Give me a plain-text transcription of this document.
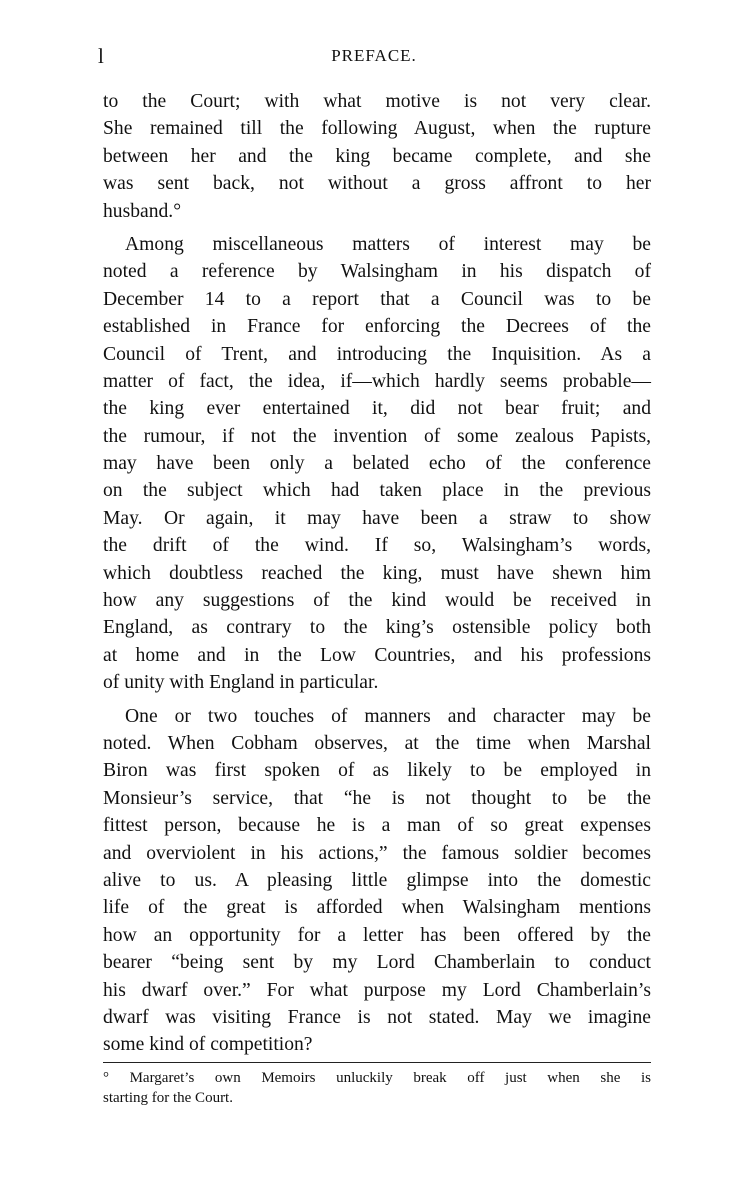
l	PREFACE.
to the Court; with what motive is not very clear.
She remained till the following August, when the rupture
between her and the king became complete, and she
was sent back, not without a gross affront to her
husband.°
Among miscellaneous matters of interest may be
noted a reference by Walsingham in his dispatch of
December 14 to a report that a Council was to be
established in France for enforcing the Decrees of the
Council of Trent, and introducing the Inquisition. As a
matter of fact, the idea, if—which hardly seems probable—
the king ever entertained it, did not bear fruit; and
the rumour, if not the invention of some zealous Papists,
may have been only a belated echo of the conference
on the subject which had taken place in the previous
May. Or again, it may have been a straw to show
the drift of the wind. If so, Walsingham’s words,
which doubtless reached the king, must have shewn him
how any suggestions of the kind would be received in
England, as contrary to the king’s ostensible policy both
at home and in the Low Countries, and his professions
of unity with England in particular.
One or two touches of manners and character may be
noted. When Cobham observes, at the time when Marshal
Biron was first spoken of as likely to be employed in
Monsieur’s service, that “he is not thought to be the
fittest person, because he is a man of so great expenses
and overviolent in his actions,” the famous soldier becomes
alive to us. A pleasing little glimpse into the domestic
life of the great is afforded when Walsingham mentions
how an opportunity for a letter has been offered by the
bearer “being sent by my Lord Chamberlain to conduct
his dwarf over.” For what purpose my Lord Chamberlain’s
dwarf was visiting France is not stated. May we imagine
some kind of competition?
° Margaret’s own Memoirs unluckily break off just when she is
starting for the Court.
